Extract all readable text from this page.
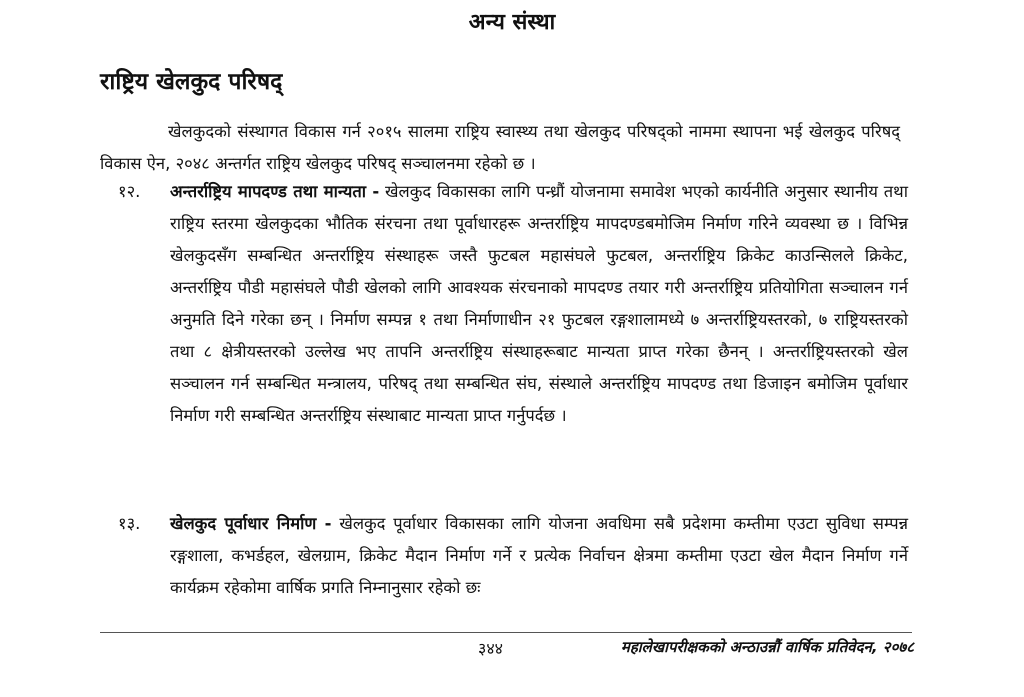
अन्य संस्था
राष्ट्रिय खेलकुद परिषद्

खेलकुदको संस्थागत विकास गर्न २०१५ सालमा राष्ट्रिय स्वास्थ्य तथा खेलकुद परिषद्को नाममा स्थापना भई खेलकुद परिषद् विकास ऐन, २०४८ अन्तर्गत राष्ट्रिय खेलकुद परिषद् सञ्चालनमा रहेको छ ।

१२. अन्तर्राष्ट्रिय मापदण्ड तथा मान्यता - खेलकुद विकासका लागि पन्ध्रौं योजनामा समावेश भएको कार्यनीति अनुसार स्थानीय तथा राष्ट्रिय स्तरमा खेलकुदका भौतिक संरचना तथा पूर्वाधारहरू अन्तर्राष्ट्रिय मापदण्डबमोजिम निर्माण गरिने व्यवस्था छ । विभिन्न खेलकुदसँग सम्बन्धित अन्तर्राष्ट्रिय संस्थाहरू जस्तै फुटबल महासंघले फुटबल, अन्तर्राष्ट्रिय क्रिकेट काउन्सिलले क्रिकेट, अन्तर्राष्ट्रिय पौडी महासंघले पौडी खेलको लागि आवश्यक संरचनाको मापदण्ड तयार गरी अन्तर्राष्ट्रिय प्रतियोगिता सञ्चालन गर्न अनुमति दिने गरेका छन् । निर्माण सम्पन्न १ तथा निर्माणाधीन २१ फुटबल रङ्गशालामध्ये ७ अन्तर्राष्ट्रियस्तरको, ७ राष्ट्रियस्तरको तथा ८ क्षेत्रीयस्तरको उल्लेख भए तापनि अन्तर्राष्ट्रिय संस्थाहरूबाट मान्यता प्राप्त गरेका छैनन् । अन्तर्राष्ट्रियस्तरको खेल सञ्चालन गर्न सम्बन्धित मन्त्रालय, परिषद् तथा सम्बन्धित संघ, संस्थाले अन्तर्राष्ट्रिय मापदण्ड तथा डिजाइन बमोजिम पूर्वाधार निर्माण गरी सम्बन्धित अन्तर्राष्ट्रिय संस्थाबाट मान्यता प्राप्त गर्नुपर्दछ ।

१३. खेलकुद पूर्वाधार निर्माण - खेलकुद पूर्वाधार विकासका लागि योजना अवधिमा सबै प्रदेशमा कम्तीमा एउटा सुविधा सम्पन्न रङ्गशाला, कभर्डहल, खेलग्राम, क्रिकेट मैदान निर्माण गर्ने र प्रत्येक निर्वाचन क्षेत्रमा कम्तीमा एउटा खेल मैदान निर्माण गर्ने कार्यक्रम रहेकोमा वार्षिक प्रगति निम्नानुसार रहेको छः

३४४	महालेखापरीक्षकको अन्ठाउन्नौं वार्षिक प्रतिवेदन, २०७८
